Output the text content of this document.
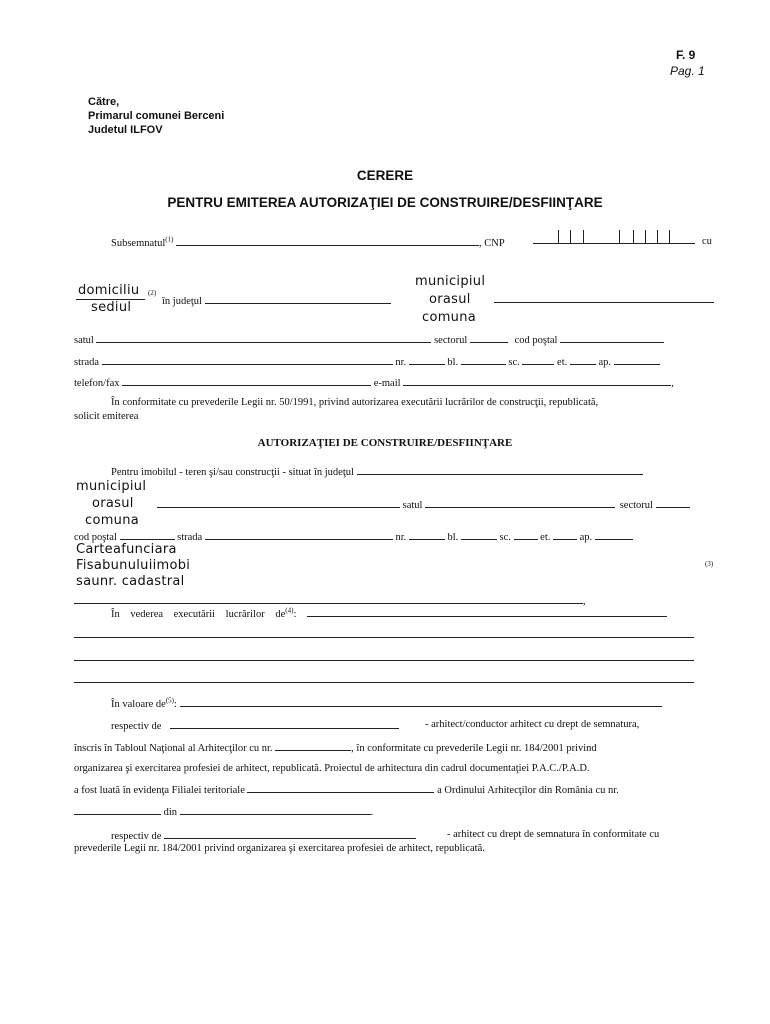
F. 9
Pag. 1
Către,
Primarul comunei Berceni
Judetul ILFOV
CERERE
PENTRU EMITEREA AUTORIZAŢIEI DE CONSTRUIRE/DESFIINŢARE
Subsemnatul$^{(1)}$	, CNP	cu
domiciliu
sediul
(2)
în judeţul
municipiul
orasul
comuna
satul	sectorul	cod poştal
strada	nr.	bl.	sc.	et.	ap.
telefon/fax	e-mail	,
În conformitate cu prevederile Legii nr. 50/1991, privind autorizarea executării lucrărilor de construcţii, republicată,
solicit emiterea
AUTORIZAŢIEI DE CONSTRUIRE/DESFIINŢARE
Pentru imobilul - teren şi/sau construcţii - situat în judeţul
municipiul
orasul
comuna
satul	sectorul
cod poştal	strada	nr.	bl.	sc.	et.	ap.
Carteafunciara
Fisabunuluiimobi
saunr. cadastral
(3)
,
În vederea executării lucrărilor $de^{(4)}$:
În valoare $de^{(5)}$:
respectiv de	- arhitect/conductor arhitect cu drept de semnatura,
înscris în Tabloul Naţional al Arhitecţilor cu nr.	, în conformitate cu prevederile Legii nr. 184/2001 privind
organizarea şi exercitarea profesiei de arhitect, republicată. Proiectul de arhitectura din cadrul documentaţiei P.A.C./P.A.D.
a fost luată în evidenţa Filialei teritoriale	a Ordinului Arhitecţilor din România cu nr.
din	.
respectiv de	- arhitect cu drept de semnatura în conformitate cu
prevederile Legii nr. 184/2001 privind organizarea şi exercitarea profesiei de arhitect, republicată.
